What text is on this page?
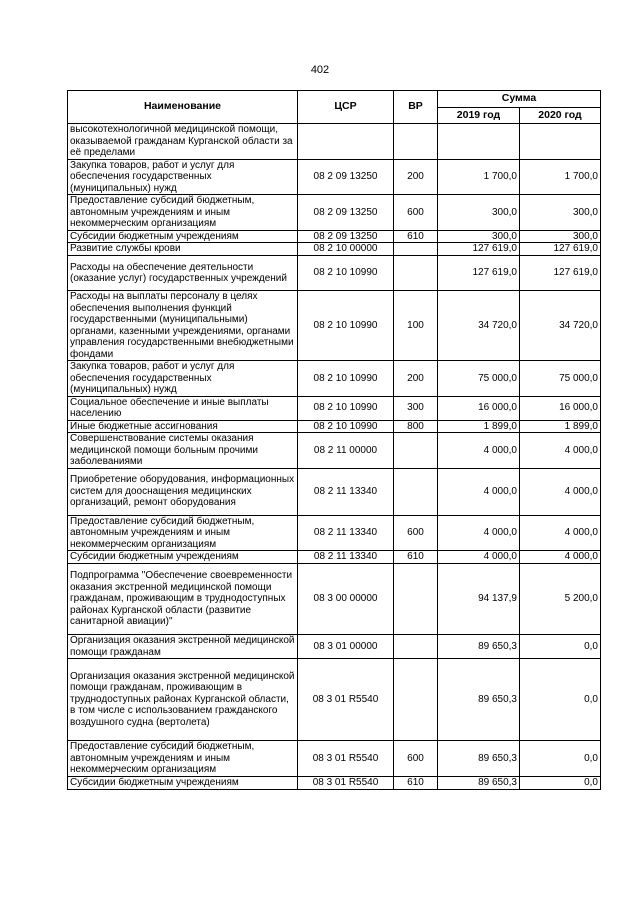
402
Наименование	ЦСР	ВР	Сумма	
			2019 год	2020 год
высокотехнологичной медицинской помощи, оказываемой гражданам Курганской области за её пределами				
Закупка товаров, работ и услуг для обеспечения государственных (муниципальных) нужд	08 2 09 13250	200	1 700,0	1 700,0
Предоставление субсидий бюджетным, автономным учреждениям и иным некоммерческим организациям	08 2 09 13250	600	300,0	300,0
Субсидии бюджетным учреждениям	08 2 09 13250	610	300,0	300,0
Развитие службы крови	08 2 10 00000		127 619,0	127 619,0
Расходы на обеспечение деятельности (оказание услуг) государственных учреждений	08 2 10 10990		127 619,0	127 619,0
Расходы на выплаты персоналу в целях обеспечения выполнения функций государственными (муниципальными) органами, казенными учреждениями, органами управления государственными внебюджетными фондами	08 2 10 10990	100	34 720,0	34 720,0
Закупка товаров, работ и услуг для обеспечения государственных (муниципальных) нужд	08 2 10 10990	200	75 000,0	75 000,0
Социальное обеспечение и иные выплаты населению	08 2 10 10990	300	16 000,0	16 000,0
Иные бюджетные ассигнования	08 2 10 10990	800	1 899,0	1 899,0
Совершенствование системы оказания медицинской помощи больным прочими заболеваниями	08 2 11 00000		4 000,0	4 000,0
Приобретение оборудования, информационных систем для дооснащения медицинских организаций, ремонт оборудования	08 2 11 13340		4 000,0	4 000,0
Предоставление субсидий бюджетным, автономным учреждениям и иным некоммерческим организациям	08 2 11 13340	600	4 000,0	4 000,0
Субсидии бюджетным учреждениям	08 2 11 13340	610	4 000,0	4 000,0
Подпрограмма "Обеспечение своевременности оказания экстренной медицинской помощи гражданам, проживающим в труднодоступных районах Курганской области (развитие санитарной авиации)"	08 3 00 00000		94 137,9	5 200,0
Организация оказания экстренной медицинской помощи гражданам	08 3 01 00000		89 650,3	0,0
Организация оказания экстренной медицинской помощи гражданам, проживающим в труднодоступных районах Курганской области, в том числе с использованием гражданского воздушного судна (вертолета)	08 3 01 R5540		89 650,3	0,0
Предоставление субсидий бюджетным, автономным учреждениям и иным некоммерческим организациям	08 3 01 R5540	600	89 650,3	0,0
Субсидии бюджетным учреждениям	08 3 01 R5540	610	89 650,3	0,0
